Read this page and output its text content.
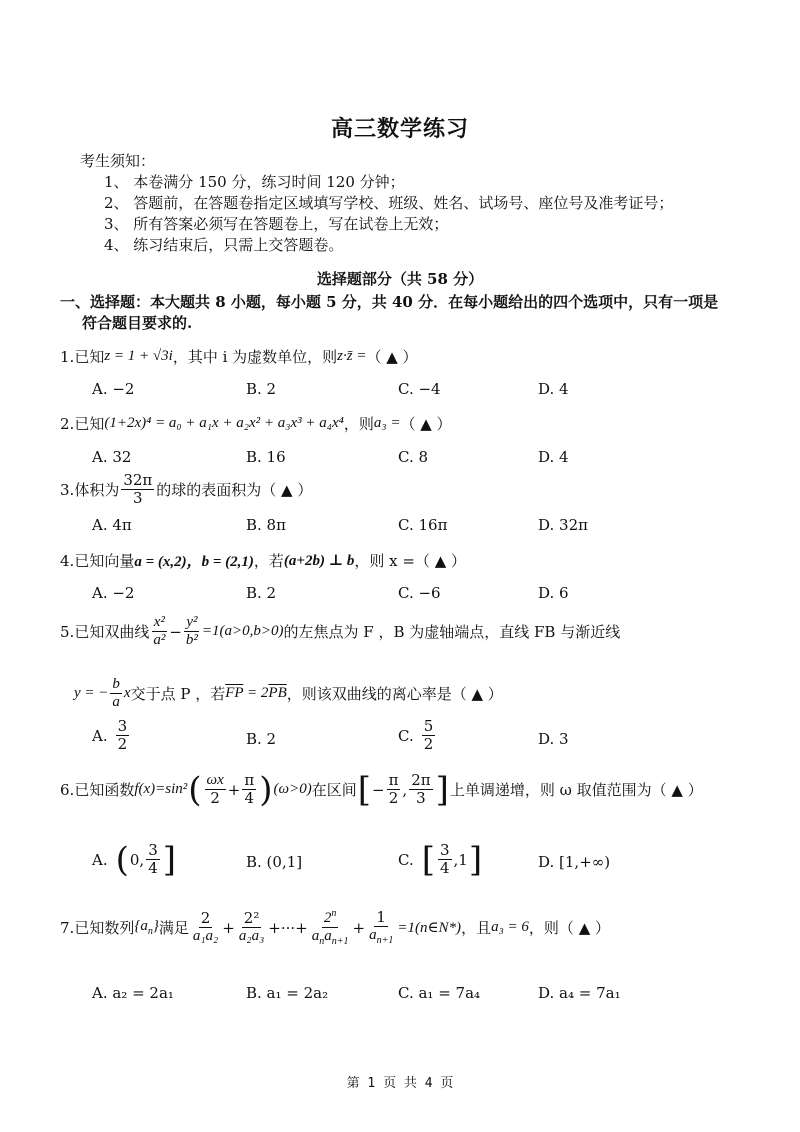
高三数学练习
考生须知：
1、 本卷满分 150 分，练习时间 120 分钟；
2、 答题前，在答题卷指定区域填写学校、班级、姓名、试场号、座位号及准考证号；
3、 所有答案必须写在答题卷上，写在试卷上无效；
4、 练习结束后，只需上交答题卷。
选择题部分（共 58 分）
一、选择题：本大题共 8 小题，每小题 5 分，共 40 分．在每小题给出的四个选项中，只有一项是
符合题目要求的.
1. 已知 z = 1 + √3i ，其中 i 为虚数单位，则 z·z̄ = （ ▲ ）
A. −2	B. 2	C. −4	D. 4
2. 已知 (1+2x)⁴ = a₀ + a₁x + a₂x² + a₃x³ + a₄x⁴ ，则 a₃ = （ ▲ ）
A. 32	B. 16	C. 8	D. 4
3. 体积为 $\frac{32\pi}{3}$ 的球的表面积为（ ▲ ）
A. 4π	B. 8π	C. 16π	D. 32π
4. 已知向量 a = (x,2)，b = (2,1) ，若 (a+2b) ⊥ b ，则 x =（ ▲ ）
A. −2	B. 2	C. −6	D. 6
5. 已知双曲线 $\frac{\text{x²}}{\text{a²}} - \frac{\text{y²}}{\text{b²}} =1(a>0,b>0)$ 的左焦点为 F ，B 为虚轴端点，直线 FB 与渐近线
y = − $\frac{b}{a}$ x 交于点 P ，若 $\overline{FP} = 2\overline{PB}$ ，则该双曲线的离心率是（ ▲ ）
A. $\frac{3}{2}$	B. 2	C. $\frac{5}{2}$	D. 3
6. 已知函数 f(x)=sin² ( $\frac{\omega x}{2} + \frac{\pi}{4}$ ) (ω>0) 在区间 [ − $\frac{\pi}{2}$ , $\frac{2\pi}{3}$ ] 上单调递增，则 ω 取值范围为（ ▲ ）
A. ( 0, $\frac{3}{4}$ ]	B. (0,1]	C. [ $\frac{3}{4} ,1$ ]	D. [1,+∞)
7. 已知数列 $\{a_n\}$ 满足 $\frac{2}{\text{a₁a₂}} + \frac{\text{2²}}{\text{a₂a₃}}$ +···+ $\frac{2^n}{a_na_{n+1}} + \frac{1}{a_{n+1}}$ =1(n∈N*) ，且 a₃ = 6 ，则（ ▲ ）
A. a₂ = 2a₁	B. a₁ = 2a₂	C. a₁ = 7a₄	D. a₄ = 7a₁
第 1 页 共 4 页
